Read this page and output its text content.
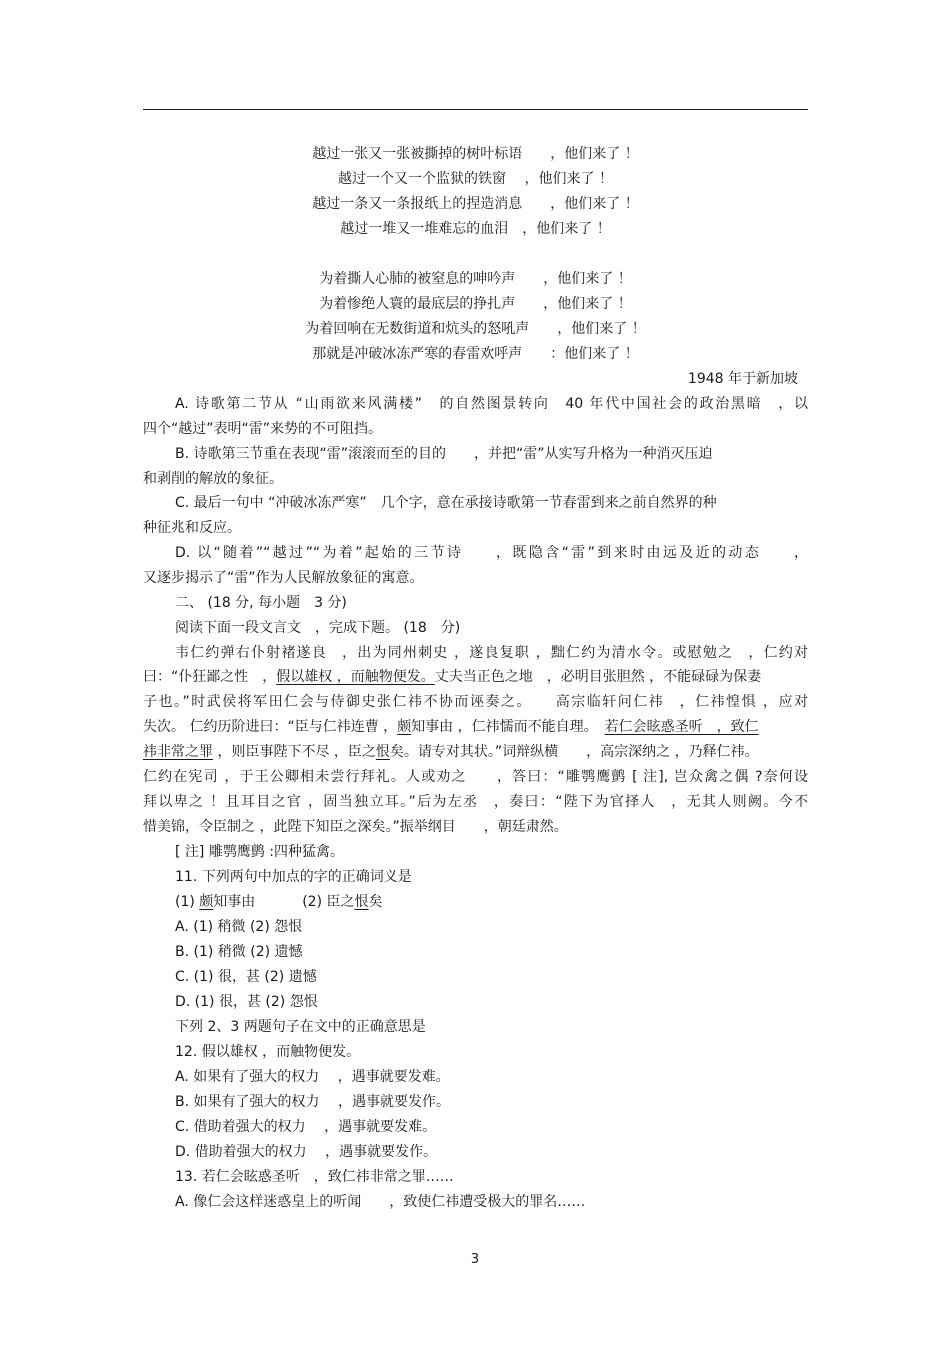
越过一张又一张被撕掉的树叶标语　　，他们来了 ！
越过一个又一个监狱的铁窗　 ，他们来了 ！
越过一条又一条报纸上的捏造消息　　，他们来了 ！
越过一堆又一堆难忘的血泪　，他们来了 ！
为着撕人心肺的被窒息的呻吟声　　，他们来了 ！
为着惨绝人寰的最底层的挣扎声　　，他们来了 ！
为着回响在无数街道和炕头的怒吼声　　，他们来了 ！
那就是冲破冰冻严寒的春雷欢呼声　　：他们来了 ！
1948 年于新加坡
A. 诗歌第二节从 “山雨欲来风满楼”　的自然图景转向　40 年代中国社会的政治黑暗　，以
四个“越过”表明“雷”来势的不可阻挡。
B. 诗歌第三节重在表现“雷”滚滚而至的目的　　，并把“雷”从实写升格为一种消灭压迫
和剥削的解放的象征。
C. 最后一句中 “冲破冰冻严寒”　几个字，意在承接诗歌第一节春雷到来之前自然界的种
种征兆和反应。
D. 以“随着”“越过”“为着”起始的三节诗　　，既隐含“雷”到来时由远及近的动态　　，
又逐步揭示了“雷”作为人民解放象征的寓意。
二、 (18 分, 每小题　3 分)
阅读下面一段文言文　，完成下题。 (18　分)
韦仁约弹右仆射褚遂良　，出为同州刺史 ，遂良复职 ，黜仁约为清水令。或慰勉之　，仁约对
曰：“仆狂鄙之性　，假以雄权 ，而触物便发。丈夫当正色之地　，必明目张胆然 ，不能碌碌为保妻
子也。”时武侯将军田仁会与侍御史张仁祎不协而诬奏之。　　高宗临轩问仁祎　，仁祎惶惧 ，应对
失次。 仁约历阶进曰：“臣与仁祎连曹 ，颇知事由 ，仁祎懦而不能自理。　若仁会眩惑圣听　，致仁
祎非常之罪 ，则臣事陛下不尽 ，臣之恨矣。请专对其状。”词辩纵横　　，高宗深纳之 ，乃释仁祎。
仁约在宪司 ，于王公卿相未尝行拜礼。人或劝之　　，答曰：“雕鹗鹰鹯 [ 注], 岂众禽之偶 ?奈何设
拜以卑之 ！且耳目之官 ，固当独立耳。”后为左丞　，奏曰：“陛下为官择人　，无其人则阙。今不
惜美锦，令臣制之 ，此陛下知臣之深矣。”振举纲目　　，朝廷肃然。
[ 注] 雕鹗鹰鹯 :四种猛禽。
11. 下列两句中加点的字的正确词义是
(1) 颇知事由	(2) 臣之恨矣
A. (1) 稍微 (2) 怨恨
B. (1) 稍微 (2) 遗憾
C. (1) 很，甚 (2) 遗憾
D. (1) 很，甚 (2) 怨恨
下列 2、3 两题句子在文中的正确意思是
12. 假以雄权 ，而触物便发。
A. 如果有了强大的权力　 ，遇事就要发难。
B. 如果有了强大的权力　 ，遇事就要发作。
C. 借助着强大的权力　 ，遇事就要发难。
D. 借助着强大的权力　 ，遇事就要发作。
13. 若仁会眩惑圣听　，致仁祎非常之罪……
A. 像仁会这样迷惑皇上的听闻　　，致使仁祎遭受极大的罪名……
3
